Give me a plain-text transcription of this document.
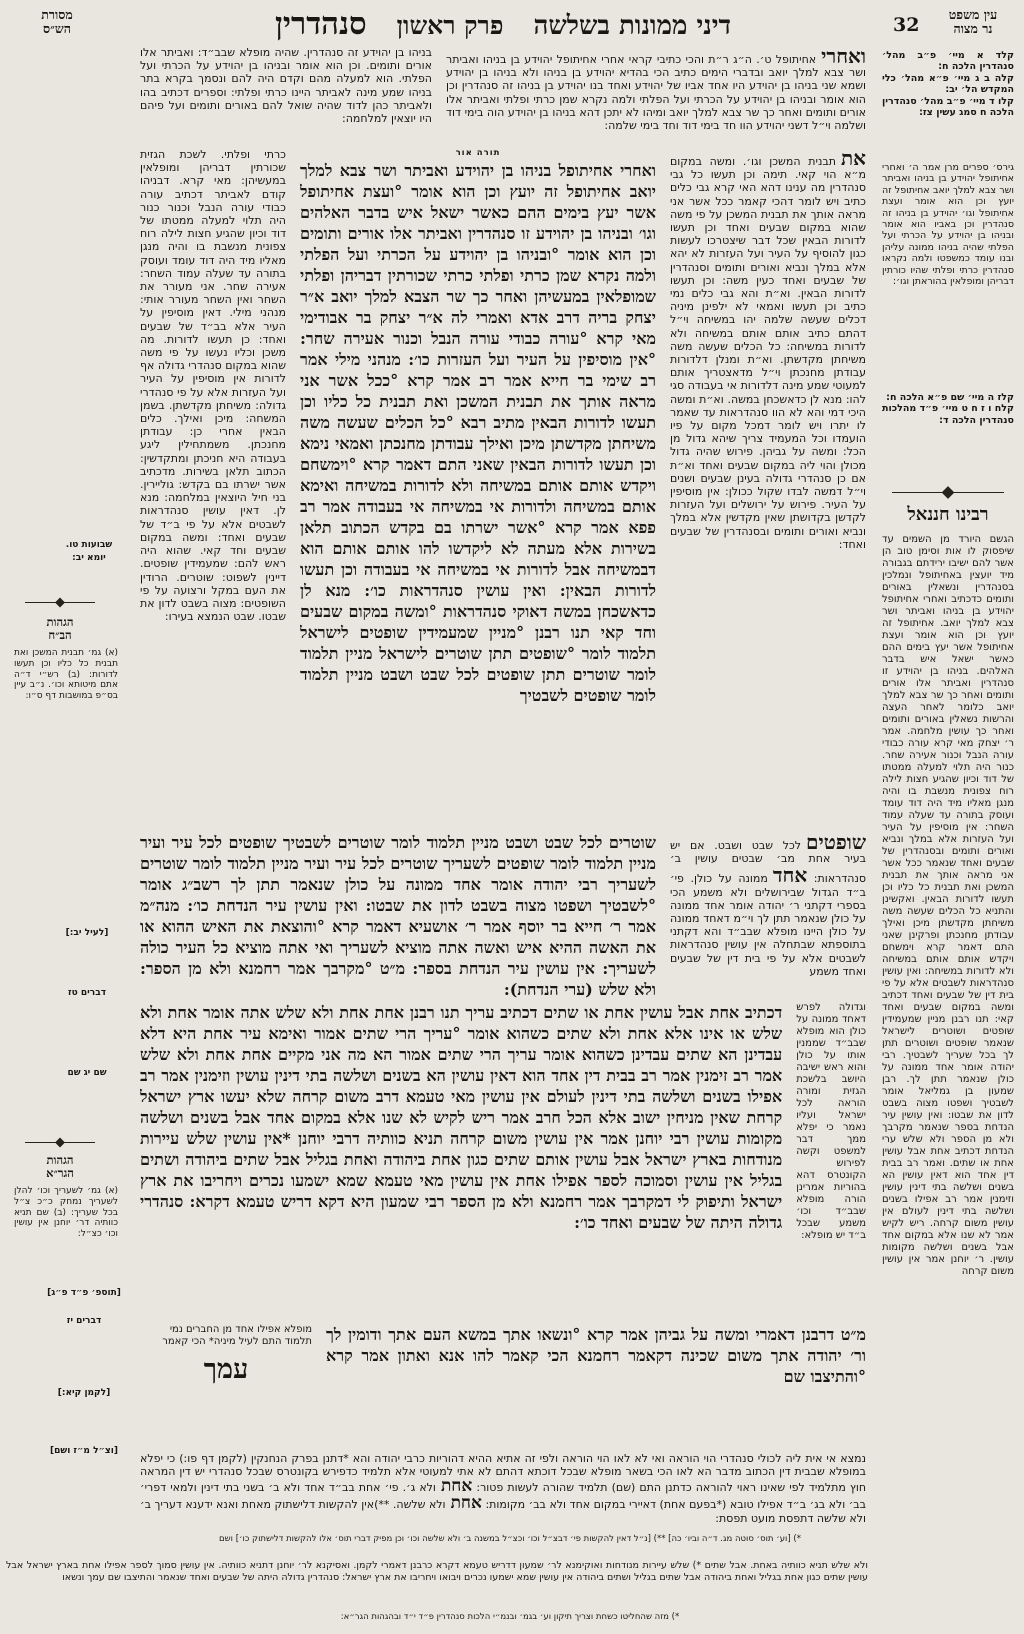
דיני ממונות בשלשה
פרק ראשון
סנהדרין	32
מסורת
הש״ס
שבועות טו.
יומא יב:
הגהות
הב״ח
(א) גמ׳ תבנית המשכן ואת תבנית כל כליו וכן תעשו לדורות: (ב) רש״י ד״ה אתם מיטותא וכו׳. נ״ב עיין בס״פ במושבות דף ס״ו:
[לעיל יב:]
דברים טז
שם יג שם
הגהות
הגר״א
(א) גמ׳ לשעריך וכו׳ להלן לשעריך נמחק כ״כ צ״ל בכל שעריך: (ב) שם תניא כוותיה דר׳ יוחנן אין עושין וכו׳ כצ״ל:
[תוספ׳ פ״ד פ״ג]
דברים יז
[לקמן קיא:]
[וצ״ל מ״ז ושם]
עין משפט
נר מצוה
קלד א מיי׳ פ״ב מהל׳ סנהדרין הלכה ח:
קלה ב ג מיי׳ פ״א מהל׳ כלי המקדש הל׳ יב:
קלו ד מיי׳ פ״ב מהל׳ סנהדרין הלכה ח סמג עשין צז:
גירס׳ ספרים מרן אמר ה׳ ואחרי אחיתופל יהוידע בן בניהו ואביתר ושר צבא למלך יואב אחיתופל זה יועץ וכן הוא אומר ועצת אחיתופל וגו׳ יהוידע בן בניהו זה סנהדרין וכן באביו הוא אומר ובניהו בן יהוידע על הכרתי ועל הפלתי שהיה בניהו ממונה עליהן ובנו עומד כמשפטו ולמה נקראו סנהדרין כרתי ופלתי שהיו כורתין דבריהן ומופלאין בהוראתן וגו׳:
קלז ה מיי׳ שם פ״א הלכה ח:
קלח ו ז ח ט מיי׳ פ״ד מהלכות סנהדרין הלכה ד:
רבינו חננאל
הגשם היורד מן השמים עד שיפסוק לו אות וסימן טוב הן אשר להם ישיבו ירידתם בגבורה מיד יועצין באחיתופל ונמלכין בסנהדרין ונשאלין באורים ותומים כדכתיב ואחרי אחיתופל יהוידע בן בניהו ואביתר ושר צבא למלך יואב. אחיתופל זה יועץ וכן הוא אומר ועצת אחיתופל אשר יעץ בימים ההם כאשר ישאל איש בדבר האלהים. בניהו בן יהוידע זו סנהדרין ואביתר אלו אורים ותומים ואחר כך שר צבא למלך יואב כלומר לאחר העצה והרשות נשאלין באורים ותומים ואחר כך עושין מלחמה. אמר ר׳ יצחק מאי קרא עורה כבודי עורה הנבל וכנור אעירה שחר. כנור היה תלוי למעלה ממטתו של דוד וכיון שהגיע חצות לילה רוח צפונית מנשבת בו והיה מנגן מאליו מיד היה דוד עומד ועוסק בתורה עד שעלה עמוד השחר: אין מוסיפין על העיר ועל העזרות אלא במלך ונביא ואורים ותומים ובסנהדרין של שבעים ואחד שנאמר ככל אשר אני מראה אותך את תבנית המשכן ואת תבנית כל כליו וכן תעשו לדורות הבאין. ואקשינן והתניא כל הכלים שעשה משה משיחתן מקדשתן מיכן ואילך עבודתן מחנכתן ופרקינן שאני התם דאמר קרא וימשחם ויקדש אותם אותם במשיחה ולא לדורות במשיחה: ואין עושין סנהדראות לשבטים אלא על פי בית דין של שבעים ואחד דכתיב ומשה במקום שבעים ואחד קאי: תנו רבנן מניין שמעמידין שופטים ושוטרים לישראל שנאמר שופטים ושוטרים תתן לך בכל שעריך לשבטיך. רבי יהודה אומר אחד ממונה על כולן שנאמר תתן לך. רבן שמעון בן גמליאל אומר לשבטיך ושפטו מצוה בשבט לדון את שבטו: ואין עושין עיר הנדחת בספר שנאמר מקרבך ולא מן הספר ולא שלש ערי הנדחת דכתיב אחת אבל עושין אחת או שתים. ואמר רב בבית דין אחד הוא דאין עושין הא בשנים ושלשה בתי דינין עושין וזימנין אמר רב אפילו בשנים ושלשה בתי דינין לעולם אין עושין משום קרחה. ריש לקיש אמר לא שנו אלא במקום אחד אבל בשנים ושלשה מקומות עושין. ר׳ יוחנן אמר אין עושין משום קרחה
ואחריאחיתופל ט׳. ה״ג ר״ת והכי כתיבי קראי אחרי אחיתופל יהוידע בן בניהו ואביתר ושר צבא למלך יואב ובדברי הימים כתיב הכי בהדיא יהוידע בן בניהו ולא בניהו בן יהוידע ושמא שני בניהו בן יהוידע היו אחד אביו של יהוידע ואחד בנו יהוידע בן בניהו זה סנהדרין וכן הוא אומר ובניהו בן יהוידע על הכרתי ועל הפלתי ולמה נקרא שמן כרתי ופלתי ואביתר אלו אורים ותומים ואחר כך שר צבא למלך יואב ומיהו לא יתכן דהא בניהו בן יהוידע הוה בימי דוד ושלמה וי״ל דשני יהוידע הוו חד בימי דוד וחד בימי שלמה:
בניהו בן יהוידע זה סנהדרין. שהיה מופלא שבב״ד: ואביתר אלו אורים ותומים. וכן הוא אומר ובניהו בן יהוידע על הכרתי ועל הפלתי. הוא למעלה מהם וקדם היה להם ונסמך בקרא בתר בניהו שמע מינה לאביתר היינו כרתי ופלתי: וספרים דכתיב בהו ולאביתר כהן לדוד שהיה שואל להם באורים ותומים ועל פיהם היו יוצאין למלחמה:
אתתבנית המשכן וגו׳. ומשה במקום מ״א הוי קאי. תימה וכן תעשו כל גבי סנהדרין מה ענינו דהא האי קרא גבי כלים כתיב ויש לומר דהכי קאמר ככל אשר אני מראה אותך את תבנית המשכן על פי משה שהוא במקום שבעים ואחד וכן תעשו לדורות הבאין שכל דבר שיצטרכו לעשות כגון להוסיף על העיר ועל העזרות לא יהא אלא במלך ונביא ואורים ותומים וסנהדרין של שבעים ואחד כעין משה: וכן תעשו לדורות הבאין. וא״ת והא גבי כלים נמי כתיב וכן תעשו ואמאי לא ילפינן מיניה דכלים שעשה שלמה יהו במשיחה וי״ל דהתם כתיב אותם אותם במשיחה ולא לדורות במשיחה: כל הכלים שעשה משה משיחתן מקדשתן. וא״ת ומנלן דלדורות עבודתן מחנכתן וי״ל מדאצטריך אותם למעוטי שמע מינה דלדורות אי בעבודה סגי להו: מנא לן כדאשכחן במשה. וא״ת ומשה היכי דמי והא לא הוו סנהדראות עד שאמר לו יתרו ויש לומר דמכל מקום על פיו הועמדו וכל המעמיד צריך שיהא גדול מן הכל: ומשה על גביהן. פירוש שהיה גדול מכולן והוי ליה במקום שבעים ואחד וא״ת אם כן סנהדרי גדולה בעינן שבעים ושנים וי״ל דמשה לבדו שקול ככולן: אין מוסיפין על העיר. פירוש על ירושלים ועל העזרות לקדשן בקדושתן שאין מקדשין אלא במלך ונביא ואורים ותומים ובסנהדרין של שבעים ואחד:
תורה אור
ואחרי אחיתופל בניהו בן יהוידע ואביתר ושר צבא למלך יואב אחיתופל זה יועץ וכן הוא אומר °ועצת אחיתופל אשר יעץ בימים ההם כאשר ישאל איש בדבר האלהים וגו׳ ובניהו בן יהוידע זו סנהדרין ואביתר אלו אורים ותומים וכן הוא אומר °ובניהו בן יהוידע על הכרתי ועל הפלתי ולמה נקרא שמן כרתי ופלתי כרתי שכורתין דבריהן ופלתי שמופלאין במעשיהן ואחר כך שר הצבא למלך יואב א״ר יצחק בריה דרב אדא ואמרי לה א״ר יצחק בר אבודימי מאי קרא °עורה כבודי עורה הנבל וכנור אעירה שחר: °אין מוסיפין על העיר ועל העזרות כו׳: מנהני מילי אמר רב שימי בר חייא אמר רב אמר קרא °ככל אשר אני מראה אותך את תבנית המשכן ואת תבנית כל כליו וכן תעשו לדורות הבאין מתיב רבא °כל הכלים שעשה משה משיחתן מקדשתן מיכן ואילך עבודתן מחנכתן ואמאי נימא וכן תעשו לדורות הבאין שאני התם דאמר קרא °וימשחם ויקדש אותם אותם במשיחה ולא לדורות במשיחה ואימא אותם במשיחה ולדורות אי במשיחה אי בעבודה אמר רב פפא אמר קרא °אשר ישרתו בם בקדש הכתוב תלאן בשירות אלא מעתה לא ליקדשו להו אותם אותם הוא דבמשיחה אבל לדורות אי במשיחה אי בעבודה וכן תעשו לדורות הבאין: ואין עושין סנהדראות כו׳: מנא לן כדאשכחן במשה דאוקי סנהדראות °ומשה במקום שבעים וחד קאי תנו רבנן °מניין שמעמידין שופטים לישראל תלמוד לומר °שופטים תתן שוטרים לישראל מניין תלמוד לומר שוטרים תתן שופטים לכל שבט ושבט מניין תלמוד לומר שופטים לשבטיך
כרתי ופלתי. לשכת הגזית שכורתין דבריהן ומופלאין במעשיהן: מאי קרא. דבניהו קודם לאביתר דכתיב עורה כבודי עורה הנבל וכנור כנור היה תלוי למעלה ממטתו של דוד וכיון שהגיע חצות לילה רוח צפונית מנשבת בו והיה מנגן מאליו מיד היה דוד עומד ועוסק בתורה עד שעלה עמוד השחר: אעירה שחר. אני מעורר את השחר ואין השחר מעורר אותי: מנהני מילי. דאין מוסיפין על העיר אלא בב״ד של שבעים ואחד: כן תעשו לדורות. מה משכן וכליו נעשו על פי משה שהוא במקום סנהדרי גדולה אף לדורות אין מוסיפין על העיר ועל העזרות אלא על פי סנהדרי גדולה: משיחתן מקדשתן. בשמן המשחה: מיכן ואילך. כלים הבאין אחרי כן: עבודתן מחנכתן. משמתחילין ליגע בעבודה היא חניכתן ומתקדשין: הכתוב תלאן בשירות. מדכתיב אשר ישרתו בם בקדש: גוליירין. בני חיל היוצאין במלחמה: מנא לן. דאין עושין סנהדראות לשבטים אלא על פי ב״ד של שבעים ואחד: ומשה במקום שבעים וחד קאי. שהוא היה ראש להם: שמעמידין שופטים. דיינין לשפוט: שוטרים. הרודין את העם במקל ורצועה על פי השופטים: מצוה בשבט לדון את שבטו. שבט הנמצא בעירו:
שופטיםלכל שבט ושבט. אם יש בעיר אחת מב׳ שבטים עושין ב׳ סנהדראות: אחדממונה על כולן. פי׳ ב״ד הגדול שבירושלים ולא משמע הכי בספרי דקתני ר׳ יהודה אומר אחד ממונה על כולן שנאמר תתן לך וי״מ דאחד ממונה על כולן היינו מופלא שבב״ד והא דקתני בתוספתא שבתחלה אין עושין סנהדראות לשבטים אלא על פי בית דין של שבעים ואחד משמע
שוטרים לכל שבט ושבט מניין תלמוד לומר שוטרים לשבטיך שופטים לכל עיר ועיר מניין תלמוד לומר שופטים לשעריך שוטרים לכל עיר ועיר מניין תלמוד לומר שוטרים לשעריך רבי יהודה אומר אחד ממונה על כולן שנאמר תתן לך רשב״ג אומר °לשבטיך ושפטו מצוה בשבט לדון את שבטו: ואין עושין עיר הנדחת כו׳: מנה״מ אמר ר׳ חייא בר יוסף אמר ר׳ אושעיא דאמר קרא °והוצאת את האיש ההוא או את האשה ההיא איש ואשה אתה מוציא לשעריך ואי אתה מוציא כל העיר כולה לשעריך: אין עושין עיר הנדחת בספר: מ״ט °מקרבך אמר רחמנא ולא מן הספר: ולא שלש (ערי הנדחת):
וגדולה לפרש דאחד ממונה על כולן הוא מופלא שבב״ד שממנין אותו על כולן והוא ראש ישיבה היושב בלשכת הגזית ומורה הוראה לכל ישראל ועליו נאמר כי יפלא ממך דבר למשפט וקשה לפירוש הקונטרס דהא בהוריות אמרינן הורה מופלא שבב״ד וכו׳ משמע שבכל ב״ד יש מופלא:
דכתיב אחת אבל עושין אחת או שתים דכתיב עריך תנו רבנן אחת אחת ולא שלש אתה אומר אחת ולא שלש או אינו אלא אחת ולא שתים כשהוא אומר °עריך הרי שתים אמור ואימא עיר אחת היא דלא עבדינן הא שתים עבדינן כשהוא אומר עריך הרי שתים אמור הא מה אני מקיים אחת אחת ולא שלש אמר רב זימנין אמר רב בבית דין אחד הוא דאין עושין הא בשנים ושלשה בתי דינין עושין וזימנין אמר רב אפילו בשנים ושלשה בתי דינין לעולם אין עושין מאי טעמא דרב משום קרחה שלא יעשו ארץ ישראל קרחת שאין מניחין ישוב אלא הכל חרב אמר ריש לקיש לא שנו אלא במקום אחד אבל בשנים ושלשה מקומות עושין רבי יוחנן אמר אין עושין משום קרחה תניא כוותיה דרבי יוחנן *אין עושין שלש עיירות מנודחות בארץ ישראל אבל עושין אותם שתים כגון אחת ביהודה ואחת בגליל אבל שתים ביהודה ושתים בגליל אין עושין וסמוכה לספר אפילו אחת אין עושין מאי טעמא שמא ישמעו נכרים ויחריבו את ארץ ישראל ותיפוק לי דמקרבך אמר רחמנא ולא מן הספר רבי שמעון היא דקא דריש טעמא דקרא: סנהדרי גדולה היתה של שבעים ואחד כו׳:
מ״ט דרבנן דאמרי ומשה על גביהן אמר קרא °ונשאו אתך במשא העם אתך ודומין לך ור׳ יהודה אתך משום שכינה דקאמר רחמנא הכי קאמר להו אנא ואתון אמר קרא °והתיצבו שם
מופלא אפילו אחד מן החברים נמי
תלמוד התם לעיל מיניה* הכי קאמר
עמך
נמצא אי אית ליה לכולי סנהדרי הוי הוראה ואי לא לאו הוי הוראה ולפי זה אתיא ההיא דהוריות כרבי יהודה והא *דתנן בפרק הנחנקין (לקמן דף פו:) כי יפלא במופלא שבבית דין הכתוב מדבר הא לאו הכי בשאר מופלא שבכל דוכתא דהתם לא אתי למעוטי אלא תלמיד כדפירש בקונטרס שבכל סנהדרי יש דין המראה חוץ מתלמיד לפי שאינו ראוי להוראה כדתנן התם (שם) תלמיד שהורה לעשות פטור: אחתולא ג׳. פי׳ אחת בב״ד אחד ולא ב׳ בשני בתי דינין ולמאי דפרי׳ בב׳ ולא בג׳ ב״ד אפילו טובא (*בפעם אחת) דאיירי במקום אחד ולא בב׳ מקומות: אחתולא שלשה. **)אין להקשות דלישתוק מאחת ואנא ידענא דעריך ב׳ ולא שלשה דתפסת מועט תפסת:
*) [וע׳ תוס׳ סוטה מג. ד״ה וביו׳ כה] **) [נ״ל דאין להקשות פי׳ דבצ״ל וכו׳ וכצ״ל במשנה ב׳ ולא שלשה וכו׳ וכן מפיק דברי תוס׳ אלו להקשות דלישתוק כו׳] ושם
ולא שלש תניא כוותיה באחת. אבל שתים *) שלש עיירות מנודחות ואוקימנא לר׳ שמעון דדריש טעמא דקרא כרבנן דאמרי לקמן. ואסיקנא לר׳ יוחנן דתניא כוותיה. אין עושין סמוך לספר אפילו אחת בארץ ישראל אבל עושין שתים כגון אחת בגליל ואחת ביהודה אבל שתים בגליל ושתים ביהודה אין עושין שמא ישמעו נכרים ויבואו ויחריבו את ארץ ישראל: סנהדרין גדולה היתה של שבעים ואחד שנאמר והתיצבו שם עמך ונשאו
*) מזה שהחליטו כשחת וצריך תיקון וע׳ בגמ׳ ובנמ״י הלכות סנהדרין פ״ד י״ד ובהגהות הגר״א:
